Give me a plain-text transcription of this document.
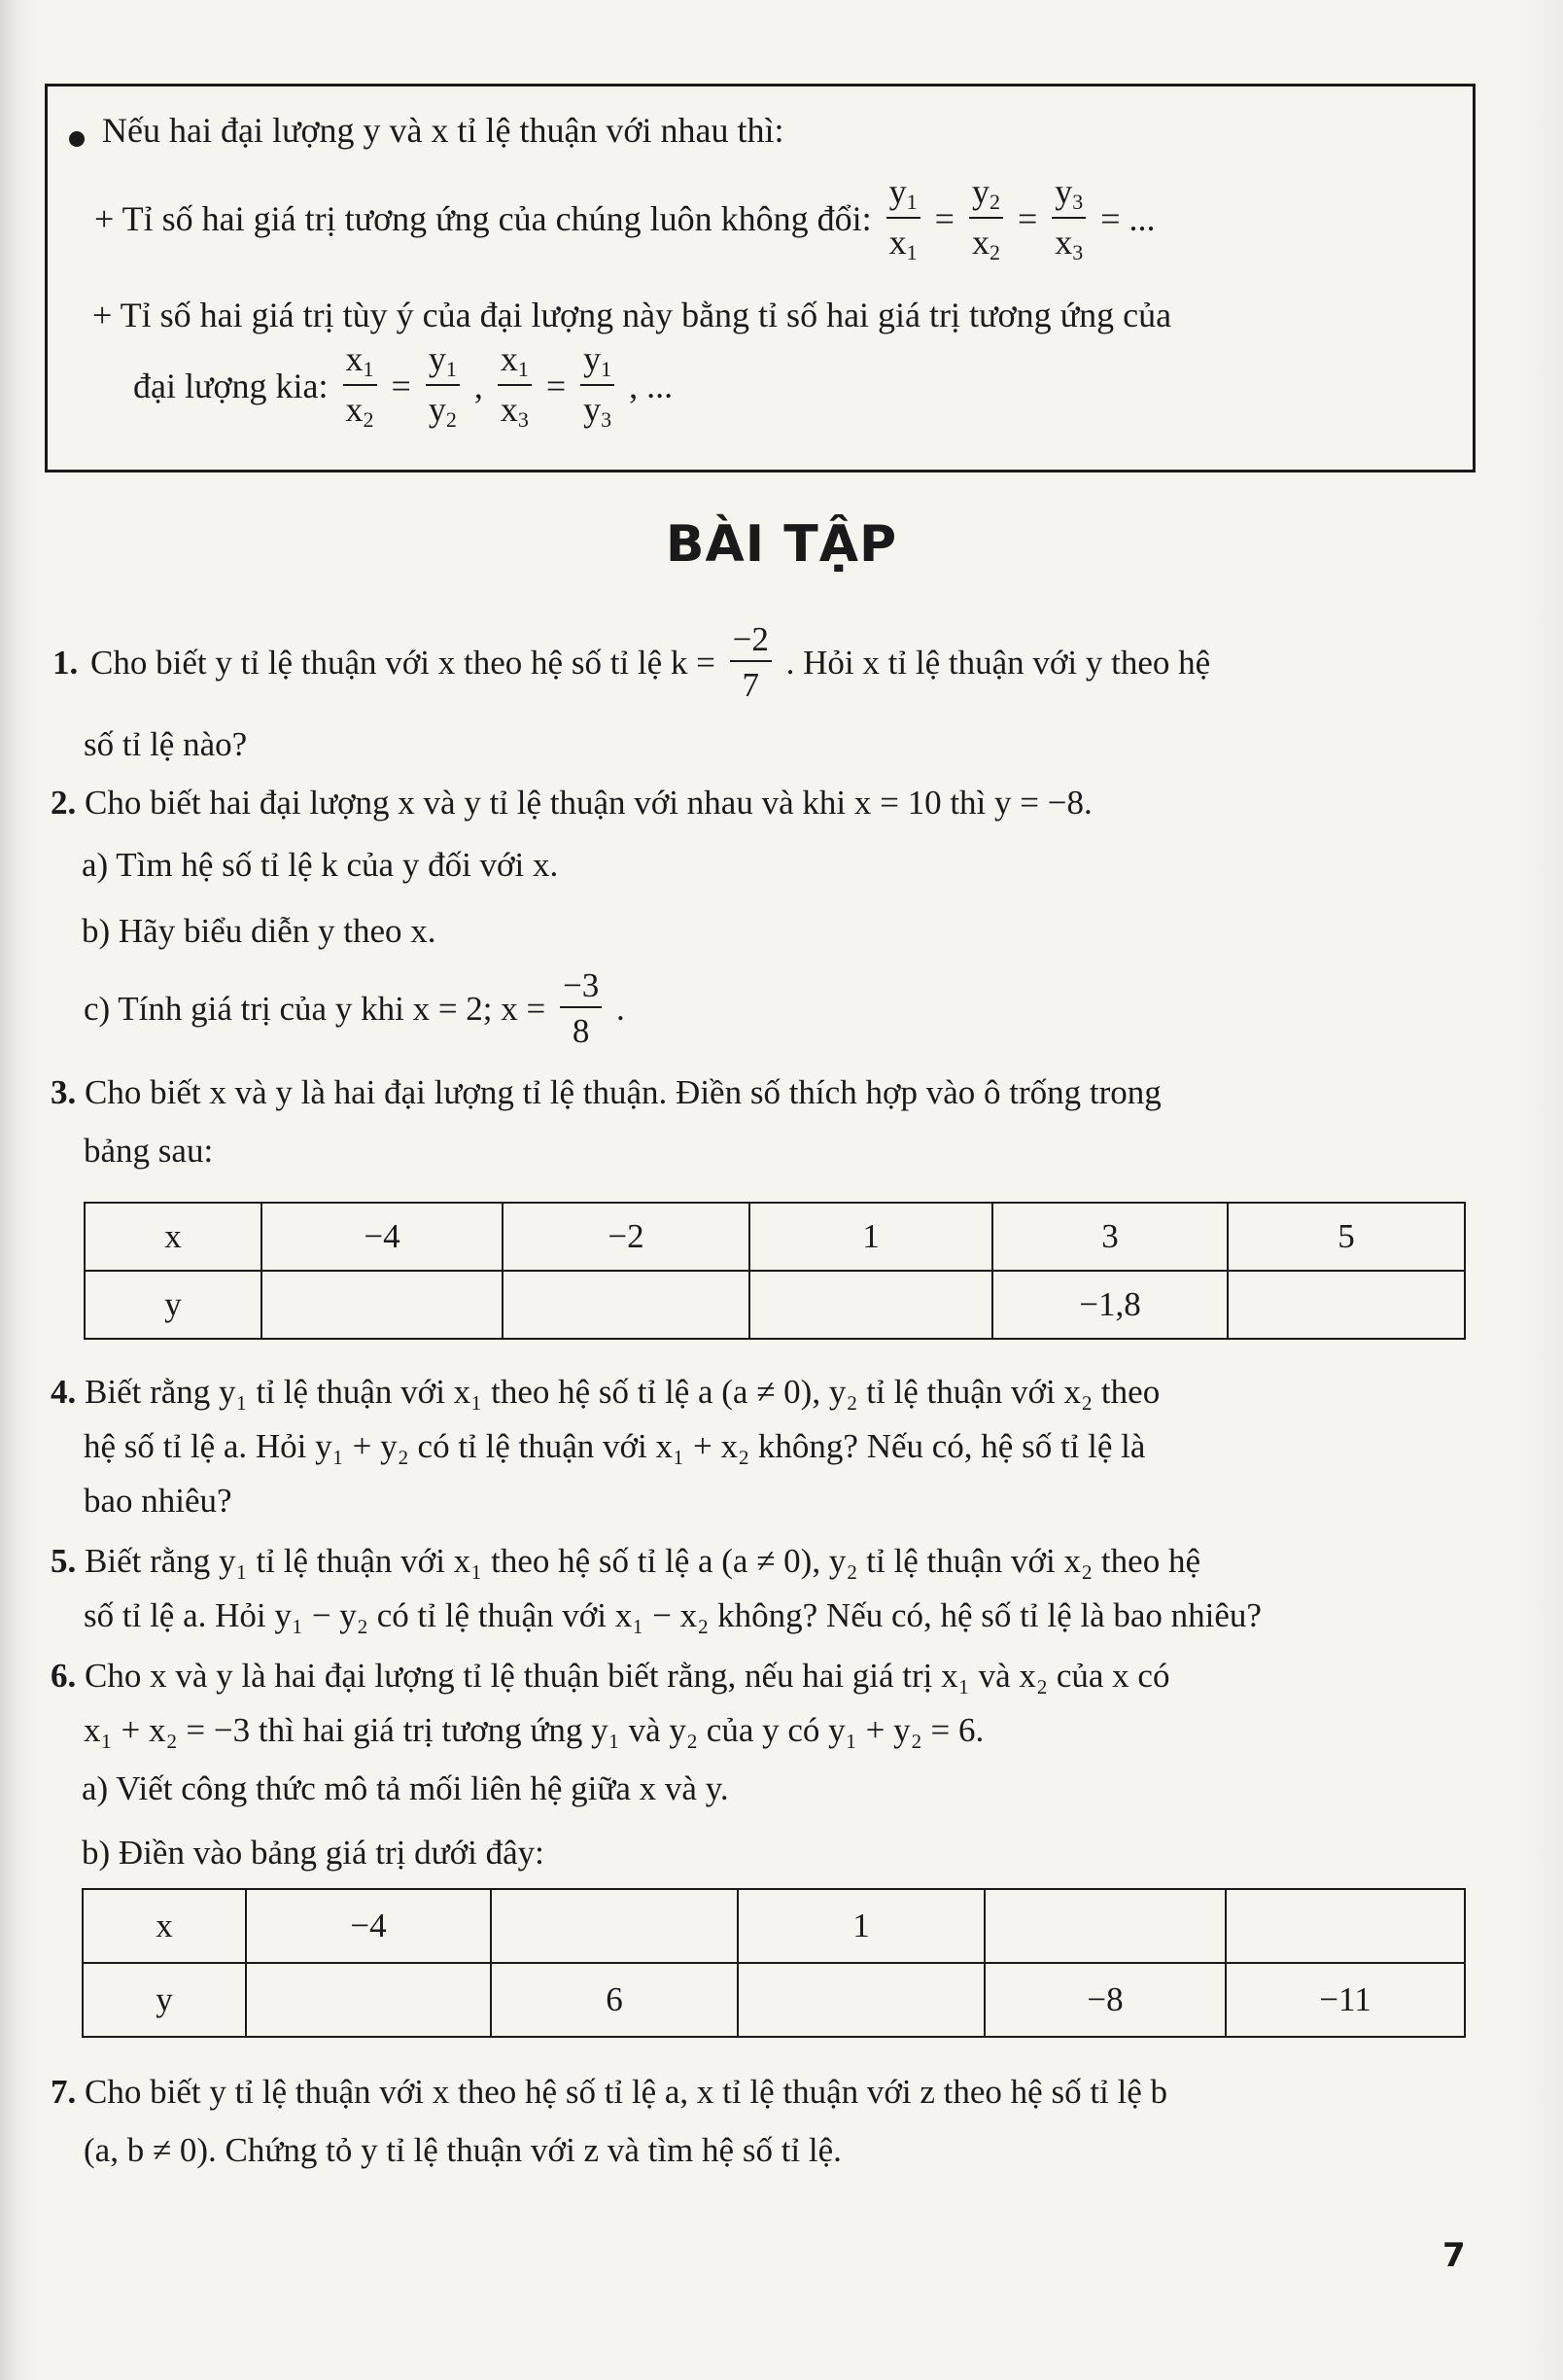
Nếu hai đại lượng y và x tỉ lệ thuận với nhau thì:
+ Tỉ số hai giá trị tương ứng của chúng luôn không đổi: $\frac{y_1}{x_1} = \frac{y_2}{x_2} = \frac{y_3}{x_3}$ = ...
+ Tỉ số hai giá trị tùy ý của đại lượng này bằng tỉ số hai giá trị tương ứng của
đại lượng kia: $\frac{x_1}{x_2} = \frac{y_1}{y_2}$ , $\frac{x_1}{x_3} = \frac{y_1}{y_3}$ , ...
BÀI TẬP
1. Cho biết y tỉ lệ thuận với x theo hệ số tỉ lệ $k = \frac{-2}{7}$ . Hỏi x tỉ lệ thuận với y theo hệ
số tỉ lệ nào?
2. Cho biết hai đại lượng x và y tỉ lệ thuận với nhau và khi x = 10 thì y = −8.
a) Tìm hệ số tỉ lệ k của y đối với x.
b) Hãy biểu diễn y theo x.
c) Tính giá trị của y khi x = 2; $x = \frac{-3}{8}$ .
3. Cho biết x và y là hai đại lượng tỉ lệ thuận. Điền số thích hợp vào ô trống trong
bảng sau:
x	−4	−2	1	3	5
y				−1,8	
4. Biết rằng y₁ tỉ lệ thuận với x₁ theo hệ số tỉ lệ a (a ≠ 0), y₂ tỉ lệ thuận với x₂ theo
hệ số tỉ lệ a. Hỏi y₁ + y₂ có tỉ lệ thuận với x₁ + x₂ không? Nếu có, hệ số tỉ lệ là
bao nhiêu?
5. Biết rằng y₁ tỉ lệ thuận với x₁ theo hệ số tỉ lệ a (a ≠ 0), y₂ tỉ lệ thuận với x₂ theo hệ
số tỉ lệ a. Hỏi y₁ − y₂ có tỉ lệ thuận với x₁ − x₂ không? Nếu có, hệ số tỉ lệ là bao nhiêu?
6. Cho x và y là hai đại lượng tỉ lệ thuận biết rằng, nếu hai giá trị x₁ và x₂ của x có
x₁ + x₂ = −3 thì hai giá trị tương ứng y₁ và y₂ của y có y₁ + y₂ = 6.
a) Viết công thức mô tả mối liên hệ giữa x và y.
b) Điền vào bảng giá trị dưới đây:
x	−4		1		
y		6		−8	−11
7. Cho biết y tỉ lệ thuận với x theo hệ số tỉ lệ a, x tỉ lệ thuận với z theo hệ số tỉ lệ b
(a, b ≠ 0). Chứng tỏ y tỉ lệ thuận với z và tìm hệ số tỉ lệ.
7
